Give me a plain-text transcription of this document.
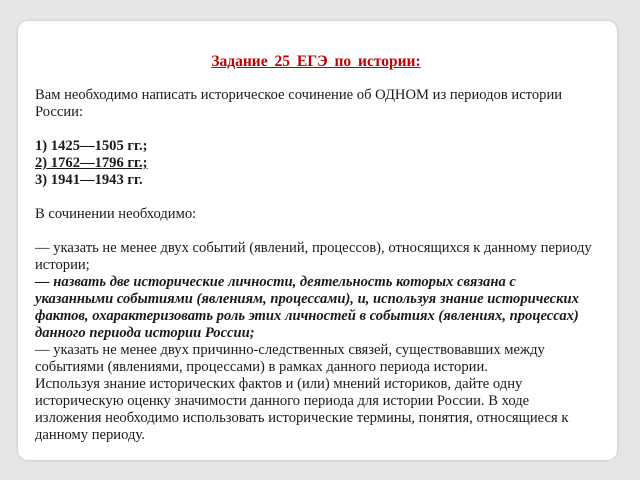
Задание 25 ЕГЭ по истории:

Вам необходимо написать историческое сочинение об ОДНОМ из периодов истории России:

1) 1425—1505 гг.;
2) 1762—1796 гг.;
3) 1941—1943 гг.

В сочинении необходимо:

— указать не менее двух событий (явлений, процессов), относящихся к данному периоду истории;

— назвать две исторические личности, деятельность которых связана с указанными событиями (явлениям, процессами), и, используя знание исторических фактов, охарактеризовать роль этих личностей в событиях (явлениях, процессах) данного периода истории России;

— указать не менее двух причинно-следственных связей, существовавших между событиями (явлениями, процессами) в рамках данного периода истории.

Используя знание исторических фактов и (или) мнений историков, дайте одну историческую оценку значимости данного периода для истории России. В ходе изложения необходимо использовать исторические термины, понятия, относящиеся к данному периоду.
